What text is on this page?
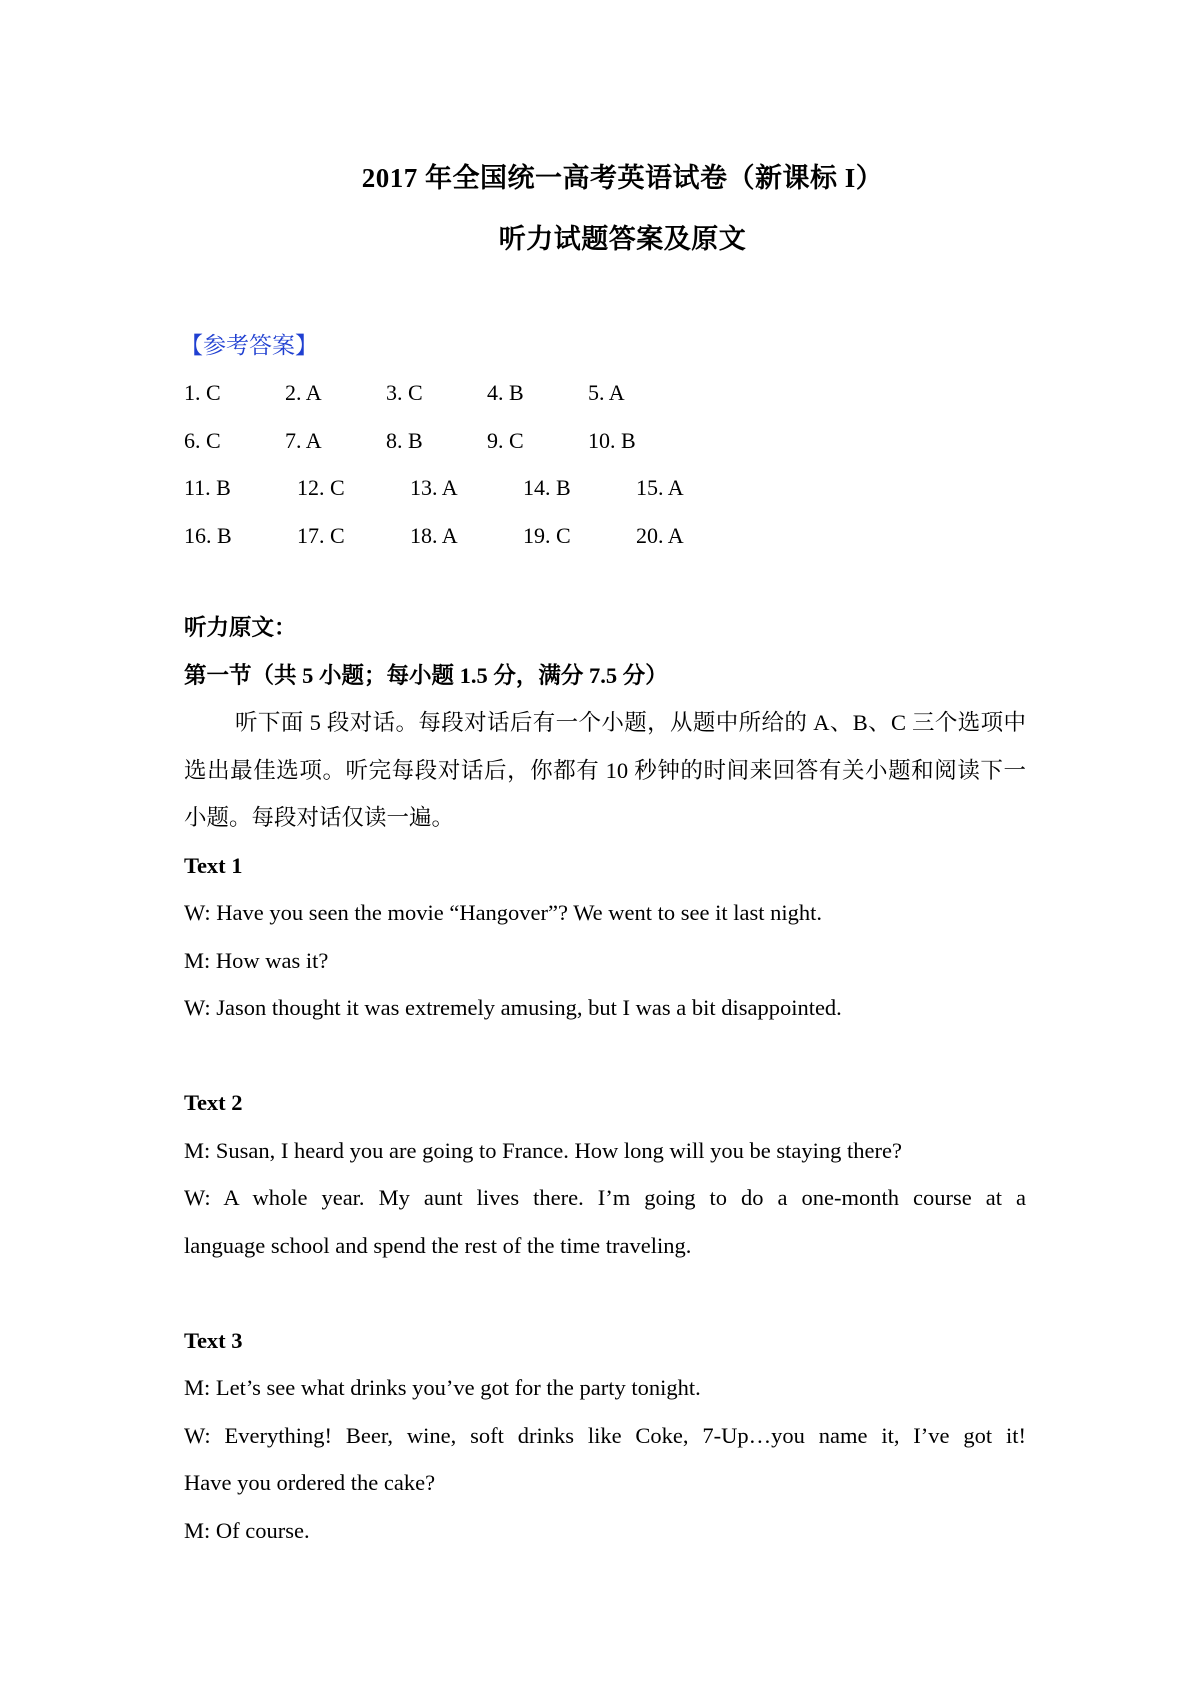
2017 年全国统一高考英语试卷（新课标 I）
听力试题答案及原文
【参考答案】
1. C	2. A	3. C	4. B	5. A
6. C	7. A	8. B	9. C	10. B
11. B	12. C	13. A	14. B	15. A
16. B	17. C	18. A	19. C	20. A
听力原文：
第一节（共 5 小题；每小题 1.5 分，满分 7.5 分）
听下面 5 段对话。每段对话后有一个小题，从题中所给的 A、B、C 三个选项中选出最佳选项。听完每段对话后，你都有 10 秒钟的时间来回答有关小题和阅读下一小题。每段对话仅读一遍。
Text 1
W: Have you seen the movie “Hangover”? We went to see it last night.
M: How was it?
W: Jason thought it was extremely amusing, but I was a bit disappointed.
Text 2
M: Susan, I heard you are going to France. How long will you be staying there?
W: A whole year. My aunt lives there. I’m going to do a one-month course at a
language school and spend the rest of the time traveling.
Text 3
M: Let’s see what drinks you’ve got for the party tonight.
W: Everything! Beer, wine, soft drinks like Coke, 7-Up…you name it, I’ve got it!
Have you ordered the cake?
M: Of course.
